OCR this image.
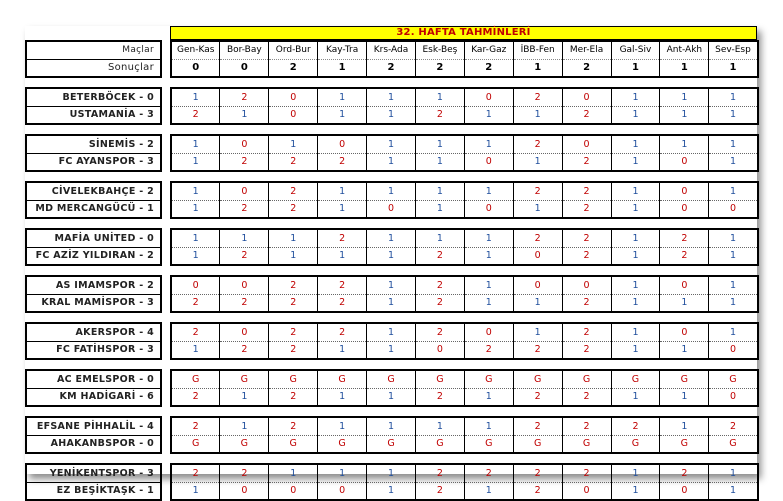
32. HAFTA TAHMİNLERİ
Maçlar		Gen-Kas	Bor-Bay	Ord-Bur	Kay-Tra	Krs-Ada	Esk-Beş	Kar-Gaz	İBB-Fen	Mer-Ela	Gal-Siv	Ant-Akh	Sev-Esp
Sonuçlar		0	0	2	1	2	2	2	1	2	1	1	1

BETERBÖCEK - 0		1	2	0	1	1	1	0	2	0	1	1	1
USTAMANİA - 3		2	1	0	1	1	2	1	1	2	1	1	1

SİNEMİS - 2		1	0	1	0	1	1	1	2	0	1	1	1
FC AYANSPOR - 3		1	2	2	2	1	1	0	1	2	1	0	1

CİVELEKBAHÇE - 2		1	0	2	1	1	1	1	2	2	1	0	1
MD MERCANGÜCÜ - 1		1	2	2	1	0	1	0	1	2	1	0	0

MAFİA UNİTED - 0		1	1	1	2	1	1	1	2	2	1	2	1
FC AZİZ YILDIRAN - 2		1	2	1	1	1	2	1	0	2	1	2	1

AS IMAMSPOR - 2		0	0	2	2	1	2	1	0	0	1	0	1
KRAL MAMİSPOR - 3		2	2	2	2	1	2	1	1	2	1	1	1

AKERSPOR - 4		2	0	2	2	1	2	0	1	2	1	0	1
FC FATİHSPOR - 3		1	2	2	1	1	0	2	2	2	1	1	0

AC EMELSPOR - 0		G	G	G	G	G	G	G	G	G	G	G	G
KM HADİGARİ - 6		2	1	2	1	1	2	1	2	2	1	1	0

EFSANE PİHHALİL - 4		2	1	2	1	1	1	1	2	2	2	1	2
AHAKANBSPOR - 0		G	G	G	G	G	G	G	G	G	G	G	G

YENİKENTSPOR - 3		2	2	1	1	1	2	2	2	2	1	2	1
EZ BEŞİKTAŞK - 1		1	0	0	0	1	2	1	2	0	1	0	1
